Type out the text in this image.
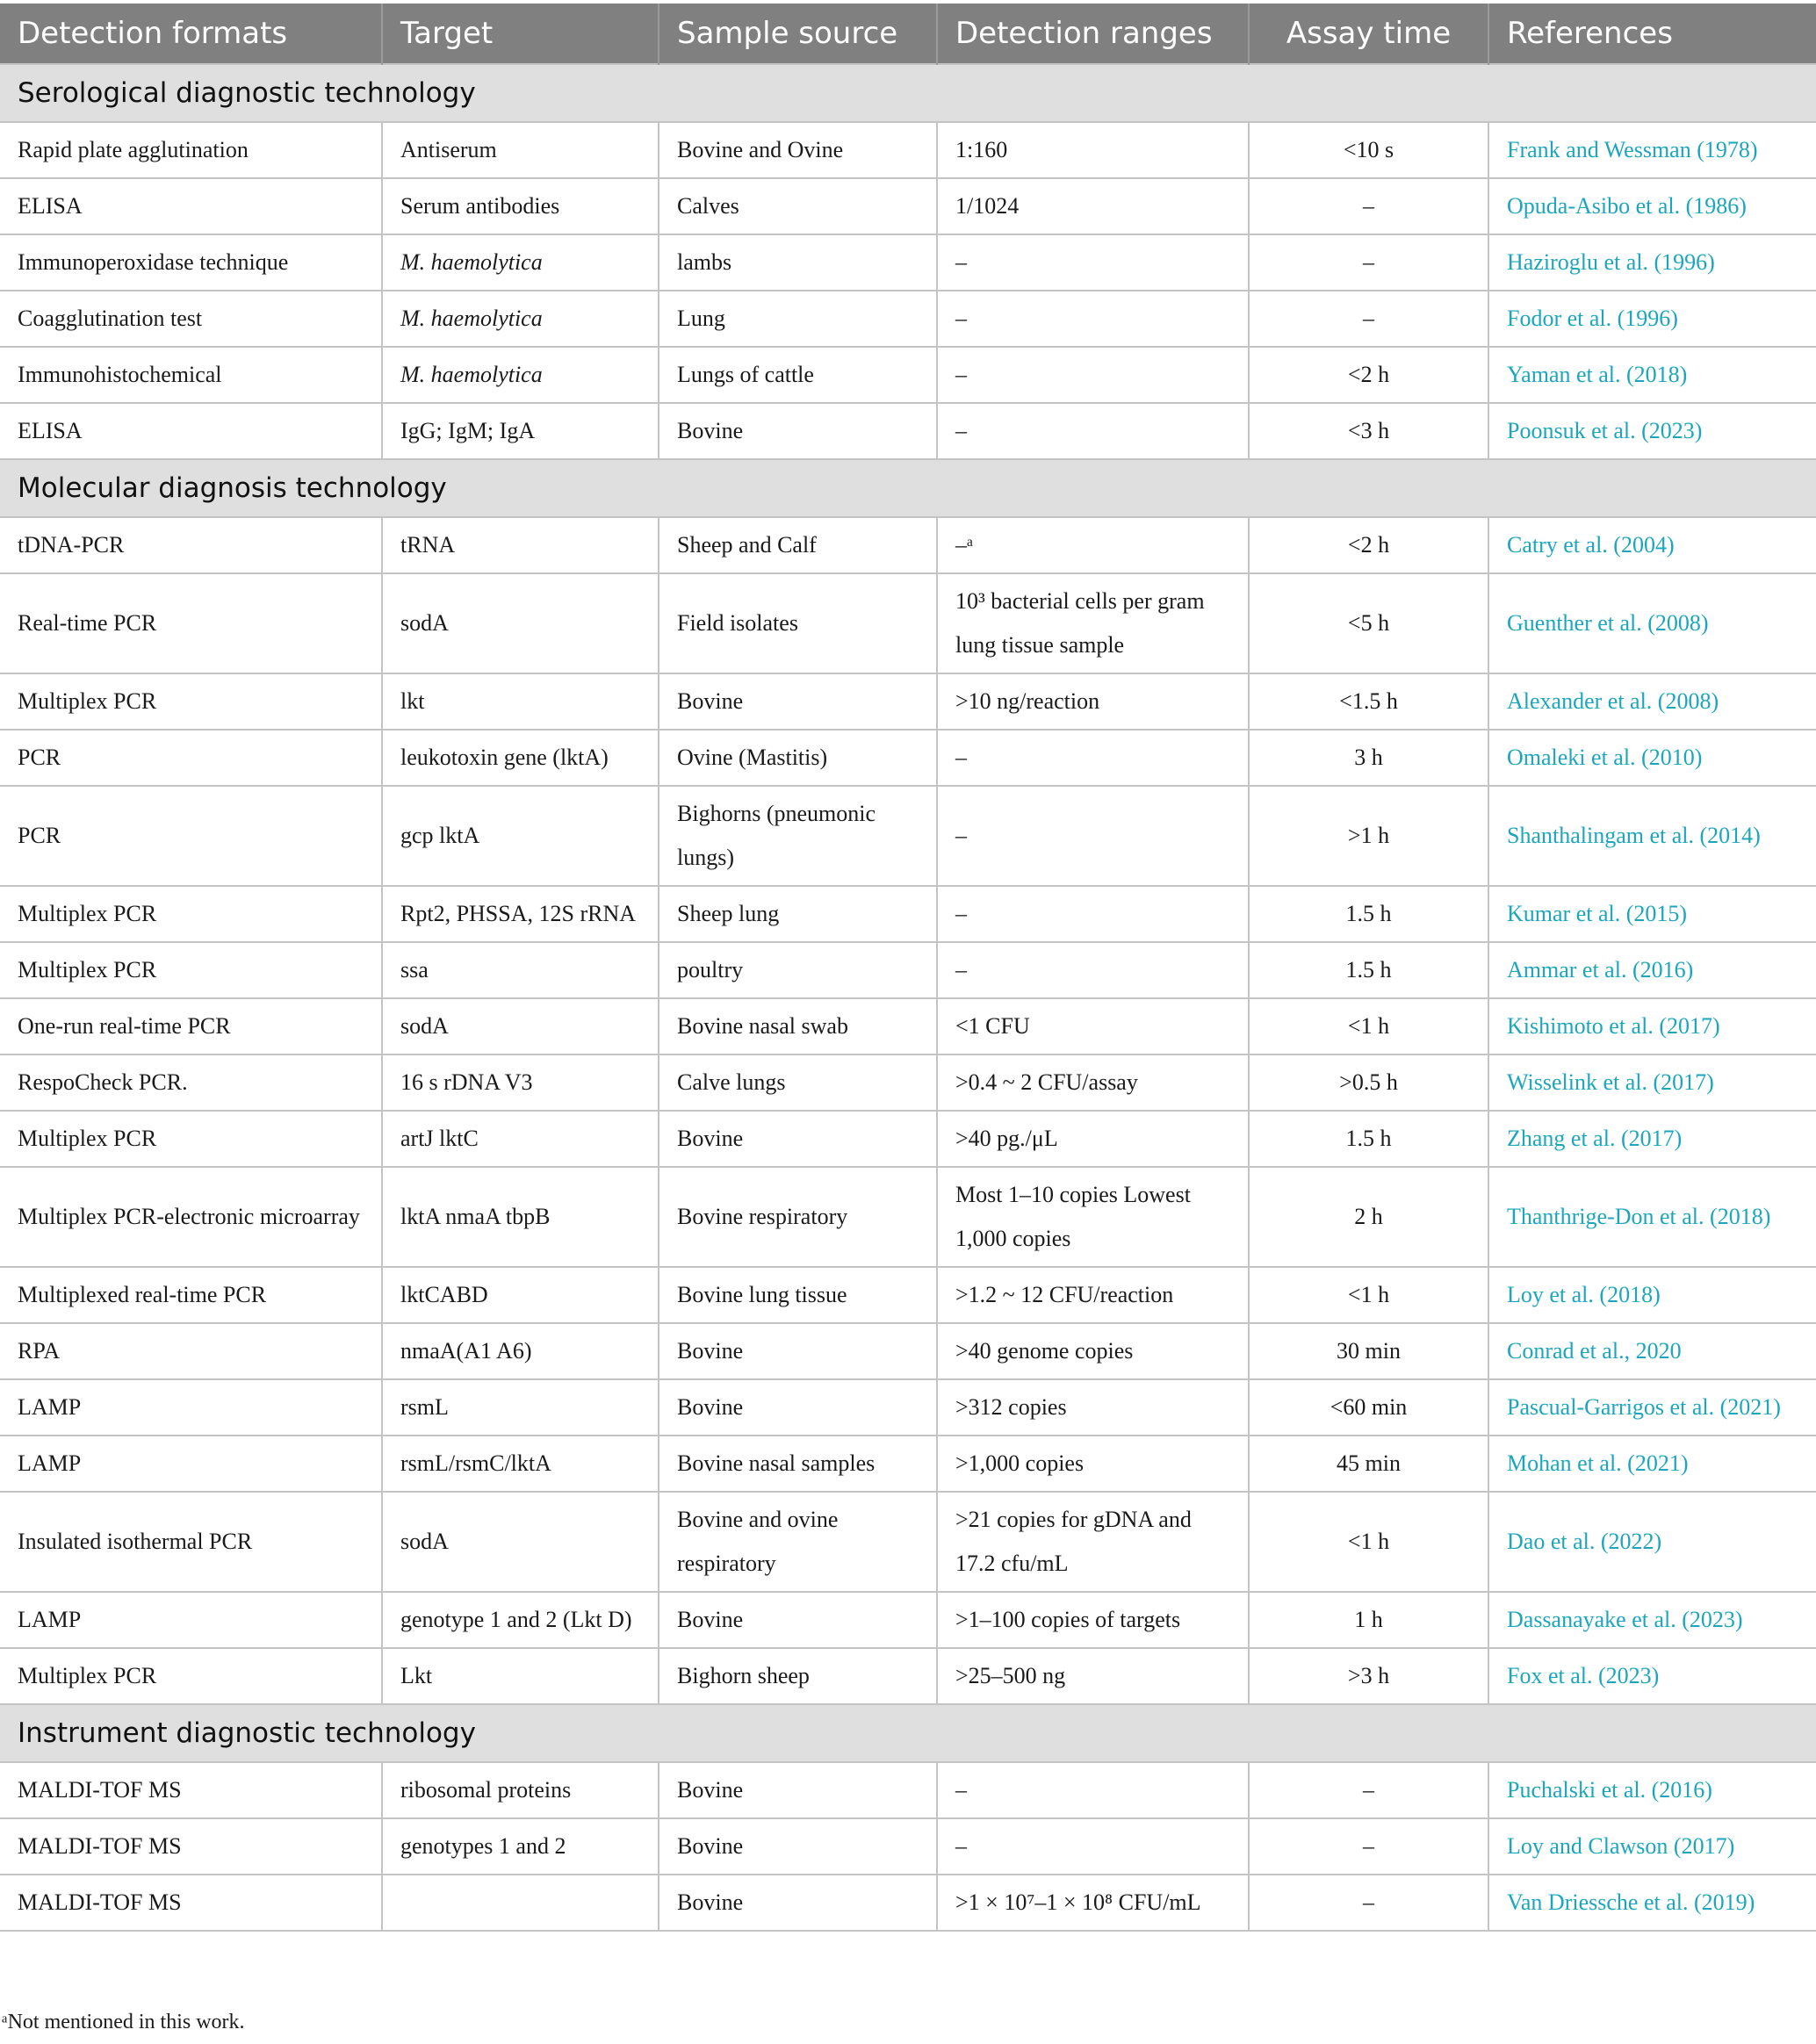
Detection formats	Target	Sample source	Detection ranges	Assay time	References
Serological diagnostic technology					
Rapid plate agglutination	Antiserum	Bovine and Ovine	1:160	<10 s	Frank and Wessman (1978)
ELISA	Serum antibodies	Calves	1/1024	–	Opuda-Asibo et al. (1986)
Immunoperoxidase technique	M. haemolytica	lambs	–	–	Haziroglu et al. (1996)
Coagglutination test	M. haemolytica	Lung	–	–	Fodor et al. (1996)
Immunohistochemical	M. haemolytica	Lungs of cattle	–	<2 h	Yaman et al. (2018)
ELISA	IgG; IgM; IgA	Bovine	–	<3 h	Poonsuk et al. (2023)
Molecular diagnosis technology					
tDNA-PCR	tRNA	Sheep and Calf	–ᵃ	<2 h	Catry et al. (2004)
Real-time PCR	sodA	Field isolates	10³ bacterial cells per gram lung tissue sample	<5 h	Guenther et al. (2008)
Multiplex PCR	lkt	Bovine	>10 ng/reaction	<1.5 h	Alexander et al. (2008)
PCR	leukotoxin gene (lktA)	Ovine (Mastitis)	–	3 h	Omaleki et al. (2010)
PCR	gcp lktA	Bighorns (pneumonic lungs)	–	>1 h	Shanthalingam et al. (2014)
Multiplex PCR	Rpt2, PHSSA, 12S rRNA	Sheep lung	–	1.5 h	Kumar et al. (2015)
Multiplex PCR	ssa	poultry	–	1.5 h	Ammar et al. (2016)
One-run real-time PCR	sodA	Bovine nasal swab	<1 CFU	<1 h	Kishimoto et al. (2017)
RespoCheck PCR.	16 s rDNA V3	Calve lungs	>0.4 ~ 2 CFU/assay	>0.5 h	Wisselink et al. (2017)
Multiplex PCR	artJ lktC	Bovine	>40 pg./μL	1.5 h	Zhang et al. (2017)
Multiplex PCR-electronic microarray	lktA nmaA tbpB	Bovine respiratory	Most 1–10 copies Lowest 1,000 copies	2 h	Thanthrige-Don et al. (2018)
Multiplexed real-time PCR	lktCABD	Bovine lung tissue	>1.2 ~ 12 CFU/reaction	<1 h	Loy et al. (2018)
RPA	nmaA(A1 A6)	Bovine	>40 genome copies	30 min	Conrad et al., 2020
LAMP	rsmL	Bovine	>312 copies	<60 min	Pascual-Garrigos et al. (2021)
LAMP	rsmL/rsmC/lktA	Bovine nasal samples	>1,000 copies	45 min	Mohan et al. (2021)
Insulated isothermal PCR	sodA	Bovine and ovine respiratory	>21 copies for gDNA and 17.2 cfu/mL	<1 h	Dao et al. (2022)
LAMP	genotype 1 and 2 (Lkt D)	Bovine	>1–100 copies of targets	1 h	Dassanayake et al. (2023)
Multiplex PCR	Lkt	Bighorn sheep	>25–500 ng	>3 h	Fox et al. (2023)
Instrument diagnostic technology					
MALDI-TOF MS	ribosomal proteins	Bovine	–	–	Puchalski et al. (2016)
MALDI-TOF MS	genotypes 1 and 2	Bovine	–	–	Loy and Clawson (2017)
MALDI-TOF MS		Bovine	>1 × 10⁷–1 × 10⁸ CFU/mL	–	Van Driessche et al. (2019)
ᵃNot mentioned in this work.
